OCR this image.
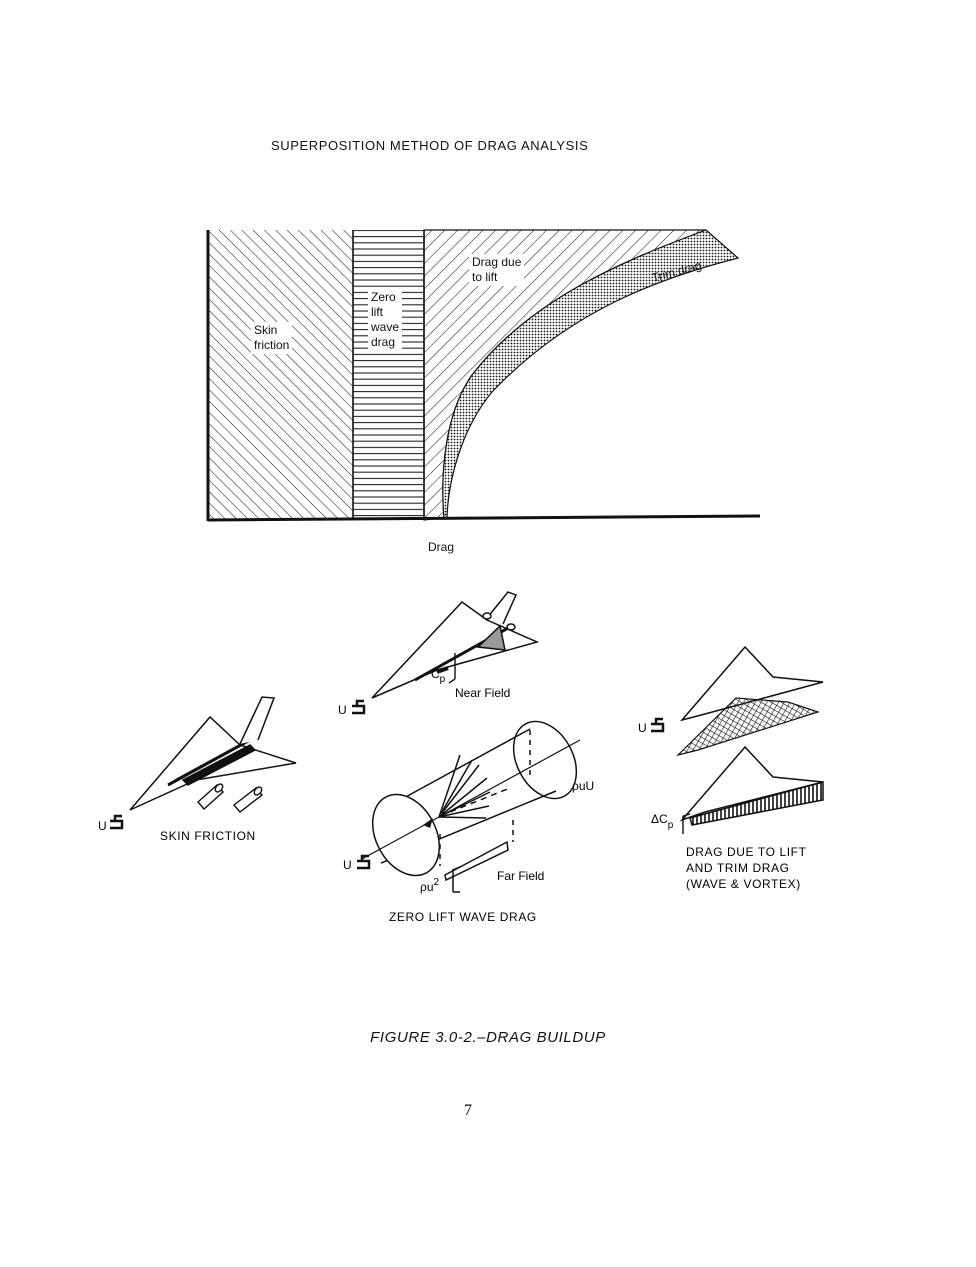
SUPERPOSITION METHOD OF DRAG ANALYSIS
Trim drag
Skin
friction
Zero
lift
wave
drag
Drag due
to lift
Drag
U
SKIN FRICTION
$C_p$
Near Field
U
ρuU
$\rho u^2$	Far Field
U
ZERO LIFT WAVE DRAG
U
$\Delta C_p$
DRAG DUE TO LIFT
AND TRIM DRAG
(WAVE & VORTEX)
FIGURE 3.0-2.–DRAG BUILDUP
7
